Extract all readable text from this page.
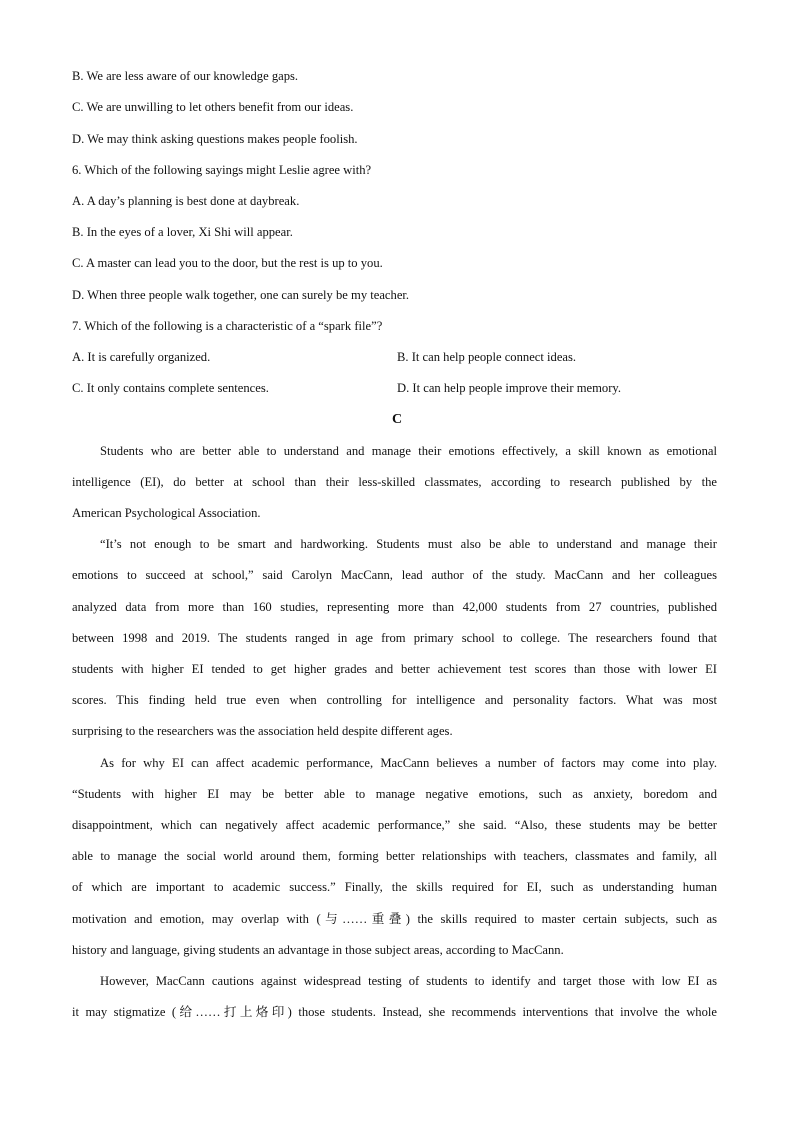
B. We are less aware of our knowledge gaps.
C. We are unwilling to let others benefit from our ideas.
D. We may think asking questions makes people foolish.
6. Which of the following sayings might Leslie agree with?
A. A day’s planning is best done at daybreak.
B. In the eyes of a lover, Xi Shi will appear.
C. A master can lead you to the door, but the rest is up to you.
D. When three people walk together, one can surely be my teacher.
7. Which of the following is a characteristic of a “spark file”?
A. It is carefully organized.	B. It can help people connect ideas.
C. It only contains complete sentences.	D. It can help people improve their memory.
C
Students who are better able to understand and manage their emotions effectively, a skill known as emotional
intelligence (EI), do better at school than their less-skilled classmates, according to research published by the
American Psychological Association.
“It’s not enough to be smart and hardworking. Students must also be able to understand and manage their
emotions to succeed at school,” said Carolyn MacCann, lead author of the study. MacCann and her colleagues
analyzed data from more than 160 studies, representing more than 42,000 students from 27 countries, published
between 1998 and 2019. The students ranged in age from primary school to college. The researchers found that
students with higher EI tended to get higher grades and better achievement test scores than those with lower EI
scores. This finding held true even when controlling for intelligence and personality factors. What was most
surprising to the researchers was the association held despite different ages.
As for why EI can affect academic performance, MacCann believes a number of factors may come into play.
“Students with higher EI may be better able to manage negative emotions, such as anxiety, boredom and
disappointment, which can negatively affect academic performance,” she said. “Also, these students may be better
able to manage the social world around them, forming better relationships with teachers, classmates and family, all
of which are important to academic success.” Finally, the skills required for EI, such as understanding human
motivation and emotion, may overlap with (与……重叠) the skills required to master certain subjects, such as
history and language, giving students an advantage in those subject areas, according to MacCann.
However, MacCann cautions against widespread testing of students to identify and target those with low EI as
it may stigmatize (给……打上烙印) those students. Instead, she recommends interventions that involve the whole
